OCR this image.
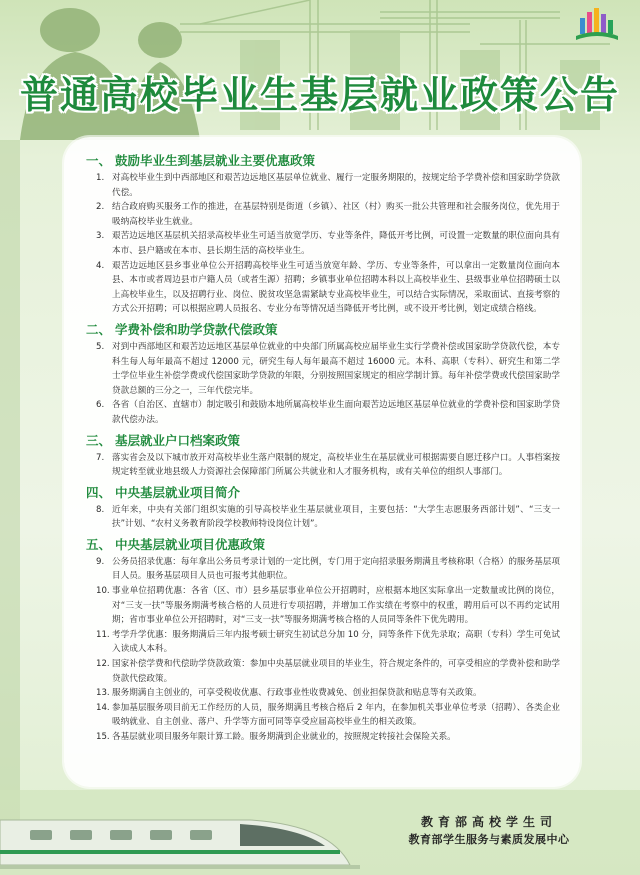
普通高校毕业生基层就业政策公告
一、 鼓励毕业生到基层就业主要优惠政策
1. 对高校毕业生到中西部地区和艰苦边远地区基层单位就业、履行一定服务期限的，按规定给予学费补偿和国家助学贷款代偿。
2. 结合政府购买服务工作的推进，在基层特别是街道（乡镇）、社区（村）购买一批公共管理和社会服务岗位，优先用于吸纳高校毕业生就业。
3. 艰苦边远地区基层机关招录高校毕业生可适当放宽学历、专业等条件，降低开考比例，可设置一定数量的职位面向具有本市、县户籍或在本市、县长期生活的高校毕业生。
4. 艰苦边远地区县乡事业单位公开招聘高校毕业生可适当放宽年龄、学历、专业等条件，可以拿出一定数量岗位面向本县、本市或者周边县市户籍人员（或者生源）招聘；乡镇事业单位招聘本科以上高校毕业生、县级事业单位招聘硕士以上高校毕业生，以及招聘行业、岗位、脱贫攻坚急需紧缺专业高校毕业生，可以结合实际情况，采取面试、直接考察的方式公开招聘；可以根据应聘人员报名、专业分布等情况适当降低开考比例，或不设开考比例，划定成绩合格线。
二、 学费补偿和助学贷款代偿政策
5. 对到中西部地区和艰苦边远地区基层单位就业的中央部门所属高校应届毕业生实行学费补偿或国家助学贷款代偿，本专科生每人每年最高不超过 12000 元，研究生每人每年最高不超过 16000 元。本科、高职（专科）、研究生和第二学士学位毕业生补偿学费或代偿国家助学贷款的年限，分别按照国家规定的相应学制计算。每年补偿学费或代偿国家助学贷款总额的三分之一，三年代偿完毕。
6. 各省（自治区、直辖市）制定吸引和鼓励本地所属高校毕业生面向艰苦边远地区基层单位就业的学费补偿和国家助学贷款代偿办法。
三、 基层就业户口档案政策
7. 落实省会及以下城市放开对高校毕业生落户限制的规定，高校毕业生在基层就业可根据需要自愿迁移户口。人事档案按规定转至就业地县级人力资源社会保障部门所属公共就业和人才服务机构，或有关单位的组织人事部门。
四、 中央基层就业项目简介
8. 近年来，中央有关部门组织实施的引导高校毕业生基层就业项目，主要包括：“大学生志愿服务西部计划”、“三支一扶”计划、“农村义务教育阶段学校教师特设岗位计划”。
五、 中央基层就业项目优惠政策
9. 公务员招录优惠：每年拿出公务员考录计划的一定比例，专门用于定向招录服务期满且考核称职（合格）的服务基层项目人员。服务基层项目人员也可报考其他职位。
10. 事业单位招聘优惠：各省（区、市）县乡基层事业单位公开招聘时，应根据本地区实际拿出一定数量或比例的岗位，对“三支一扶”等服务期满考核合格的人员进行专项招聘，并增加工作实绩在考察中的权重，聘用后可以不再约定试用期；省市事业单位公开招聘时，对“三支一扶”等服务期满考核合格的人员同等条件下优先聘用。
11. 考学升学优惠：服务期满后三年内报考硕士研究生初试总分加 10 分，同等条件下优先录取；高职（专科）学生可免试入读成人本科。
12. 国家补偿学费和代偿助学贷款政策：参加中央基层就业项目的毕业生，符合规定条件的，可享受相应的学费补偿和助学贷款代偿政策。
13. 服务期满自主创业的，可享受税收优惠、行政事业性收费减免、创业担保贷款和贴息等有关政策。
14. 参加基层服务项目前无工作经历的人员，服务期满且考核合格后 2 年内，在参加机关事业单位考录（招聘）、各类企业吸纳就业、自主创业、落户、升学等方面可同等享受应届高校毕业生的相关政策。
15. 各基层就业项目服务年限计算工龄。服务期满到企业就业的，按照规定转接社会保险关系。
教育部高校学生司
教育部学生服务与素质发展中心
